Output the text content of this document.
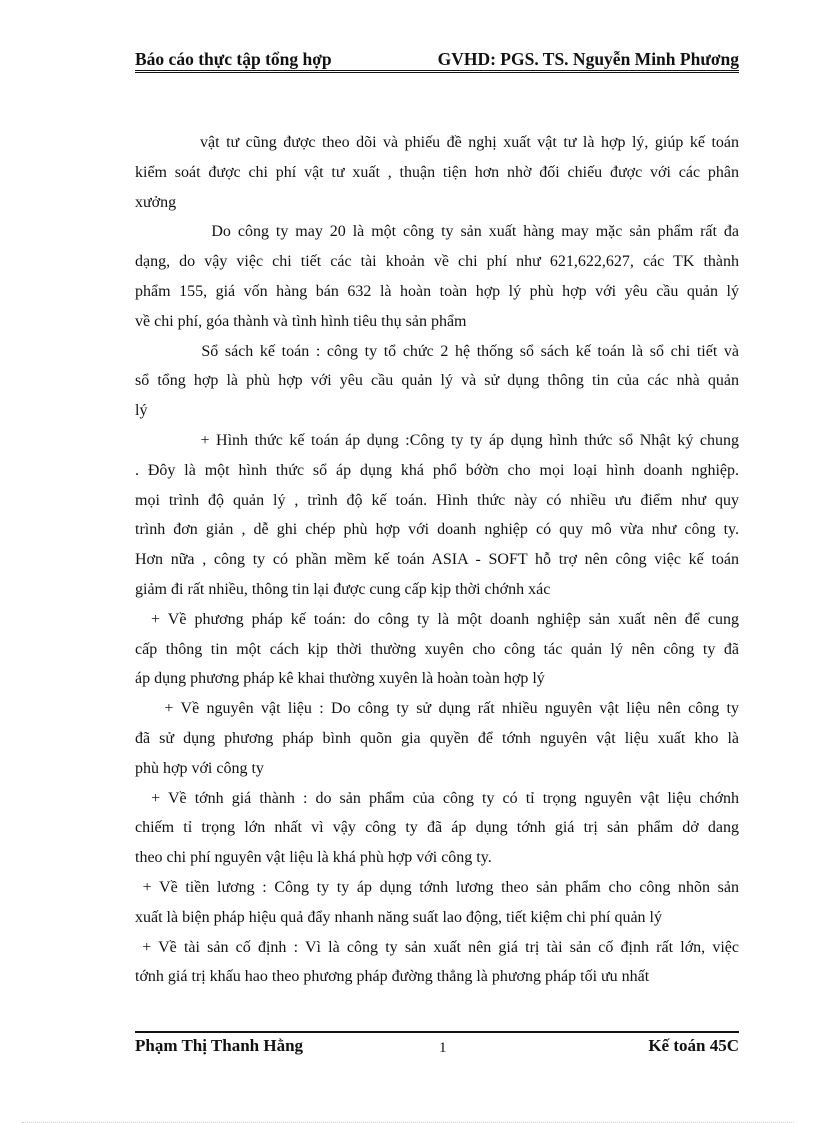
Báo cáo thực tập tổng hợp	GVHD: PGS. TS. Nguyễn Minh Phương
vật tư cũng được theo dõi và phiếu đề nghị xuất vật tư là hợp lý, giúp kế toán
kiểm soát được chi phí vật tư xuất , thuận tiện hơn nhờ đối chiếu được với các phân
xưởng
Do công ty may 20 là một công ty sản xuất hàng may mặc sản phẩm rất đa
dạng, do vậy việc chi tiết các tài khoản về chi phí như 621,622,627, các TK thành
phẩm 155, giá vốn hàng bán 632 là hoàn toàn hợp lý phù hợp với yêu cầu quản lý
về chi phí, góa thành và tình hình tiêu thụ sản phẩm
Sổ sách kế toán : công ty tổ chức 2 hệ thống sổ sách kế toán là sổ chi tiết và
sổ tổng hợp là phù hợp với yêu cầu quản lý và sử dụng thông tin của các nhà quản
lý
+ Hình thức kế toán áp dụng :Công ty ty áp dụng hình thức sổ Nhật ký chung
. Đôy là một hình thức sổ áp dụng khá phổ bớờn cho mọi loại hình doanh nghiệp.
mọi trình độ quản lý , trình độ kế toán. Hình thức này có nhiều ưu điểm như quy
trình đơn giản , dễ ghi chép phù hợp với doanh nghiệp có quy mô vừa như công ty.
Hơn nữa , công ty có phần mềm kế toán ASIA - SOFT hỗ trợ nên công việc kế toán
giảm đi rất nhiều, thông tin lại được cung cấp kịp thời chớnh xác
+ Về phương pháp kế toán: do công ty là một doanh nghiệp sản xuất nên để cung
cấp thông tin một cách kịp thời thường xuyên cho công tác quản lý nên công ty đã
áp dụng phương pháp kê khai thường xuyên là hoàn toàn hợp lý
+ Về nguyên vật liệu : Do công ty sử dụng rất nhiều nguyên vật liệu nên công ty
đã sử dụng phương pháp bình quõn gia quyền để tớnh nguyên vật liệu xuất kho là
phù hợp với công ty
+ Về tớnh giá thành : do sản phẩm của công ty có tỉ trọng nguyên vật liệu chớnh
chiếm tỉ trọng lớn nhất vì vậy công ty đã áp dụng tớnh giá trị sản phẩm dở dang
theo chi phí nguyên vật liệu là khá phù hợp với công ty.
+ Về tiền lương : Công ty ty áp dụng tớnh lương theo sản phẩm cho công nhõn sản
xuất là biện pháp hiệu quả đẩy nhanh năng suất lao động, tiết kiệm chi phí quản lý
+ Về tài sản cố định : Vì là công ty sản xuất nên giá trị tài sản cố định rất lớn, việc
tớnh giá trị khấu hao theo phương pháp đường thẳng là phương pháp tối ưu nhất
Phạm Thị Thanh Hằng	1	Kế toán 45C
